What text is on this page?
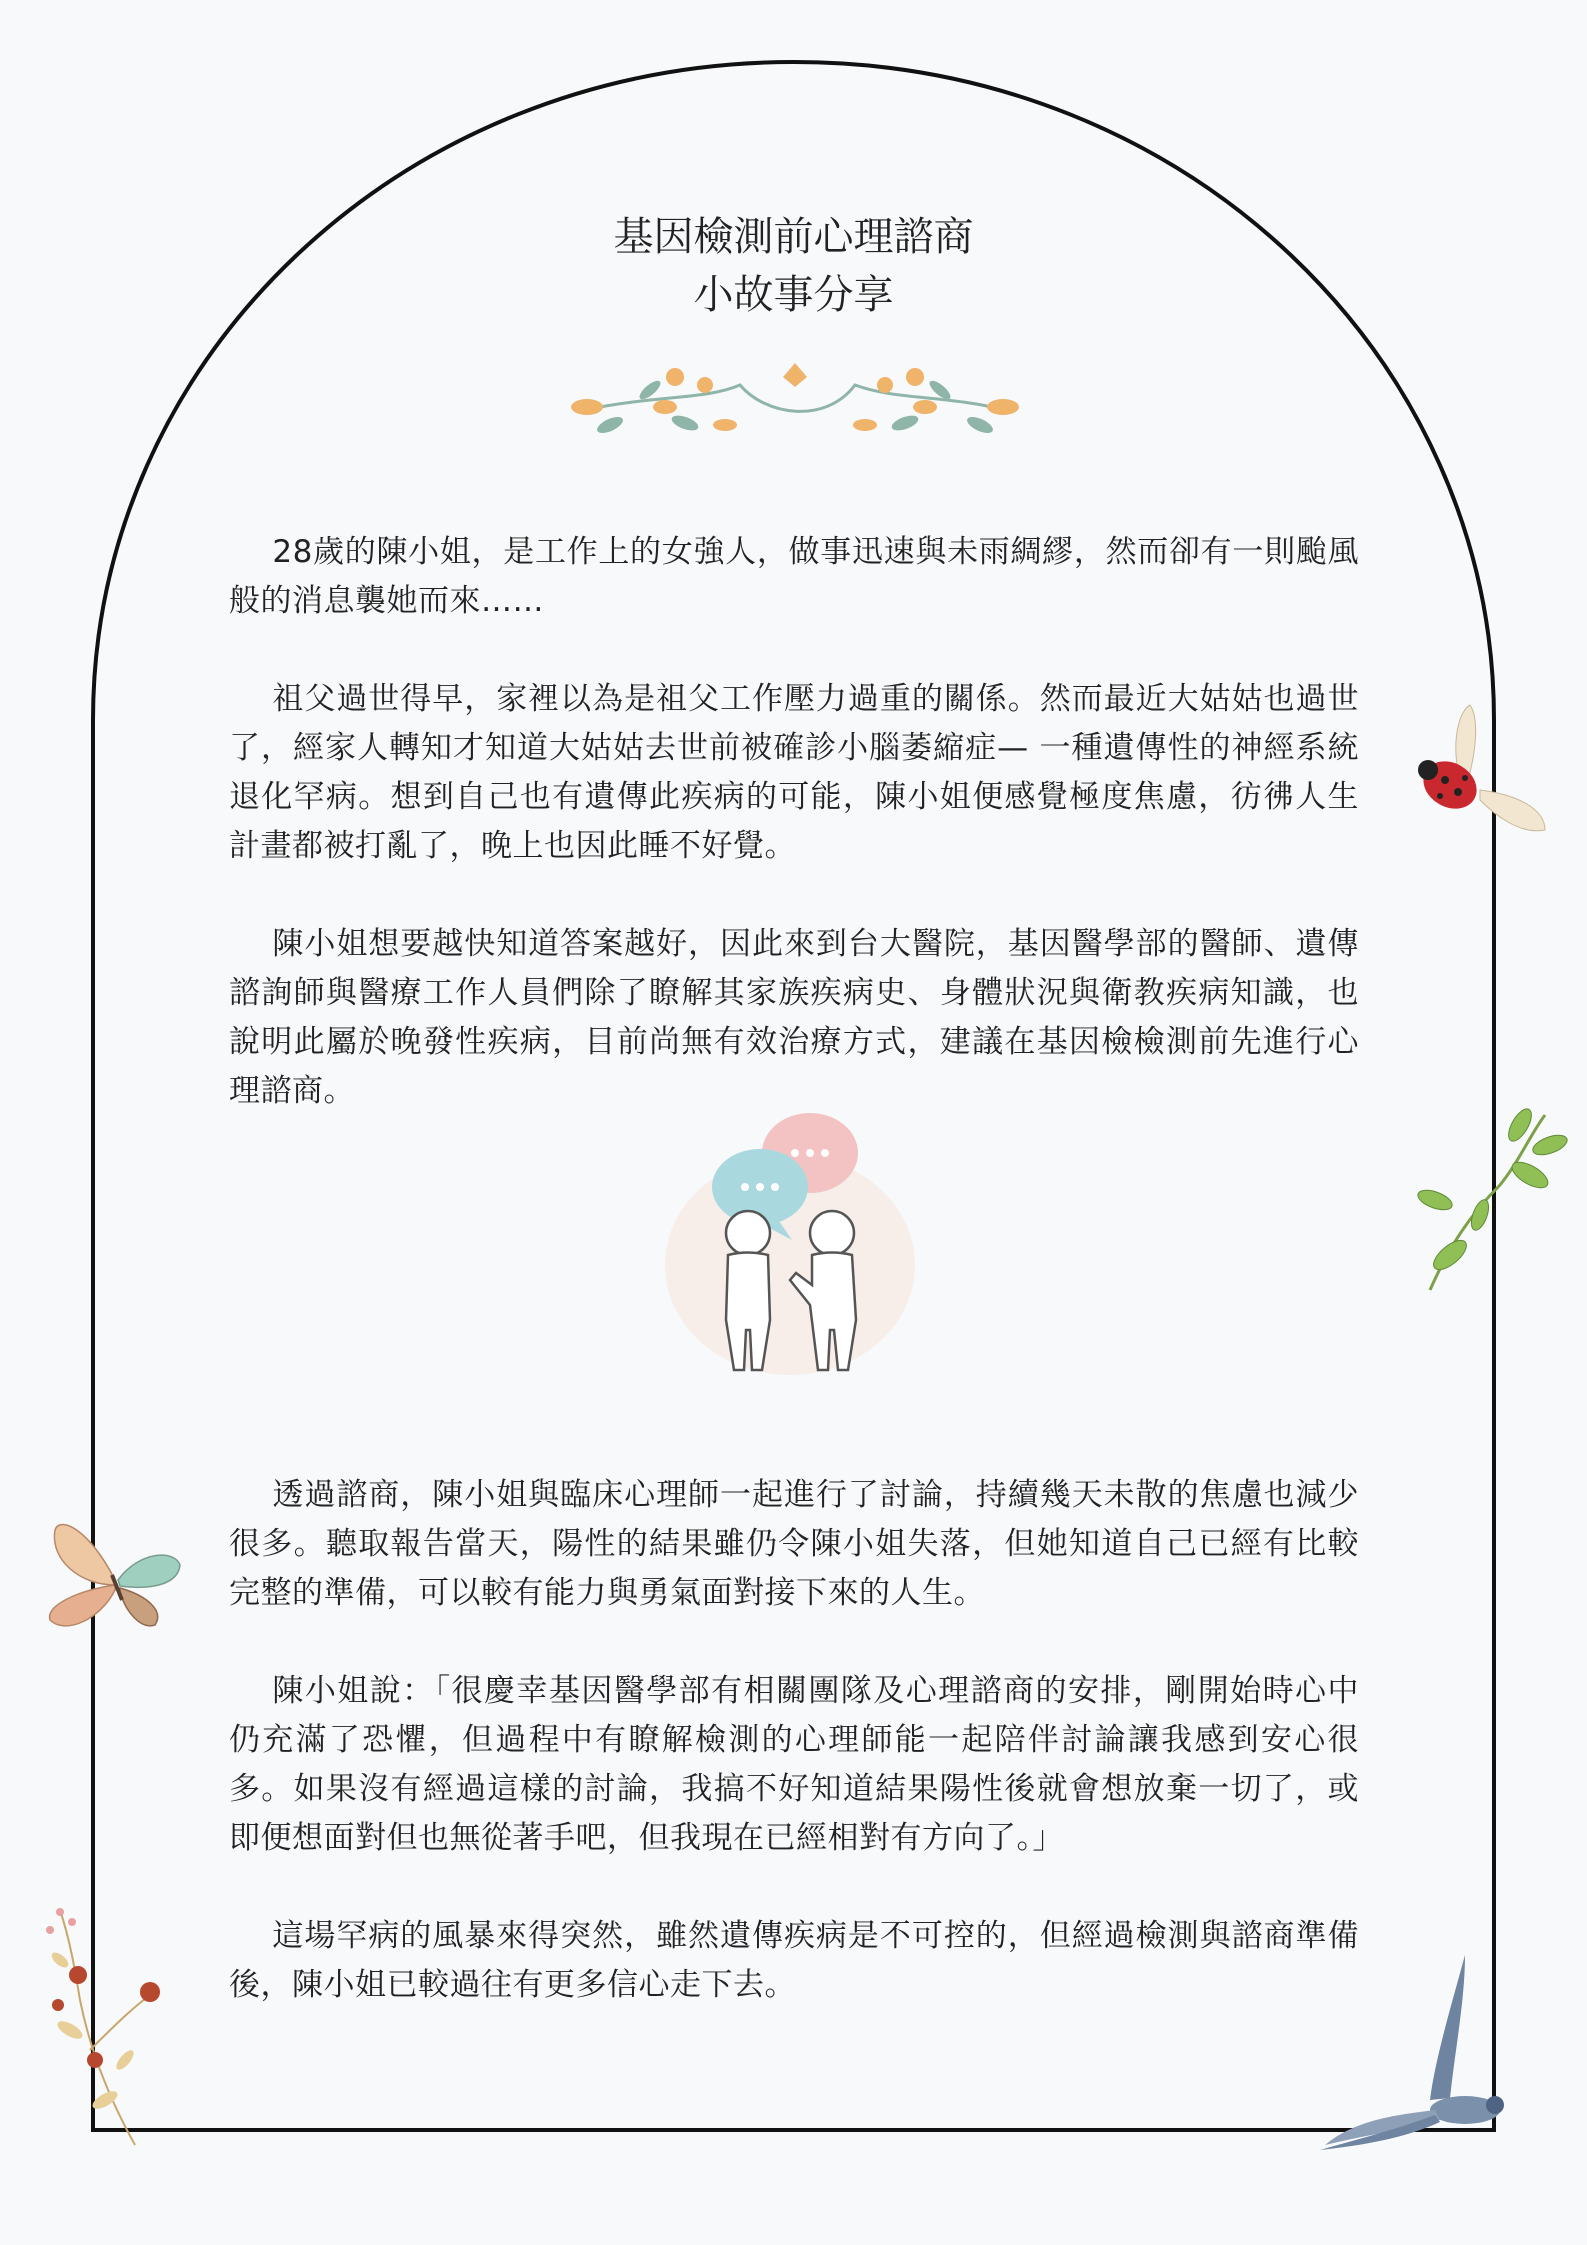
基因檢測前心理諮商
小故事分享

28歲的陳小姐，是工作上的女強人，做事迅速與未雨綢繆，然而卻有一則颱風般的消息襲她而來……

祖父過世得早，家裡以為是祖父工作壓力過重的關係。然而最近大姑姑也過世了，經家人轉知才知道大姑姑去世前被確診小腦萎縮症— 一種遺傳性的神經系統退化罕病。想到自己也有遺傳此疾病的可能，陳小姐便感覺極度焦慮，彷彿人生計畫都被打亂了，晚上也因此睡不好覺。

陳小姐想要越快知道答案越好，因此來到台大醫院，基因醫學部的醫師、遺傳諮詢師與醫療工作人員們除了瞭解其家族疾病史、身體狀況與衛教疾病知識，也說明此屬於晚發性疾病，目前尚無有效治療方式，建議在基因檢檢測前先進行心理諮商。

透過諮商，陳小姐與臨床心理師一起進行了討論，持續幾天未散的焦慮也減少很多。聽取報告當天，陽性的結果雖仍令陳小姐失落，但她知道自己已經有比較完整的準備，可以較有能力與勇氣面對接下來的人生。

陳小姐說：「很慶幸基因醫學部有相關團隊及心理諮商的安排，剛開始時心中仍充滿了恐懼，但過程中有瞭解檢測的心理師能一起陪伴討論讓我感到安心很多。如果沒有經過這樣的討論，我搞不好知道結果陽性後就會想放棄一切了，或即便想面對但也無從著手吧，但我現在已經相對有方向了。」

這場罕病的風暴來得突然，雖然遺傳疾病是不可控的，但經過檢測與諮商準備後，陳小姐已較過往有更多信心走下去。
